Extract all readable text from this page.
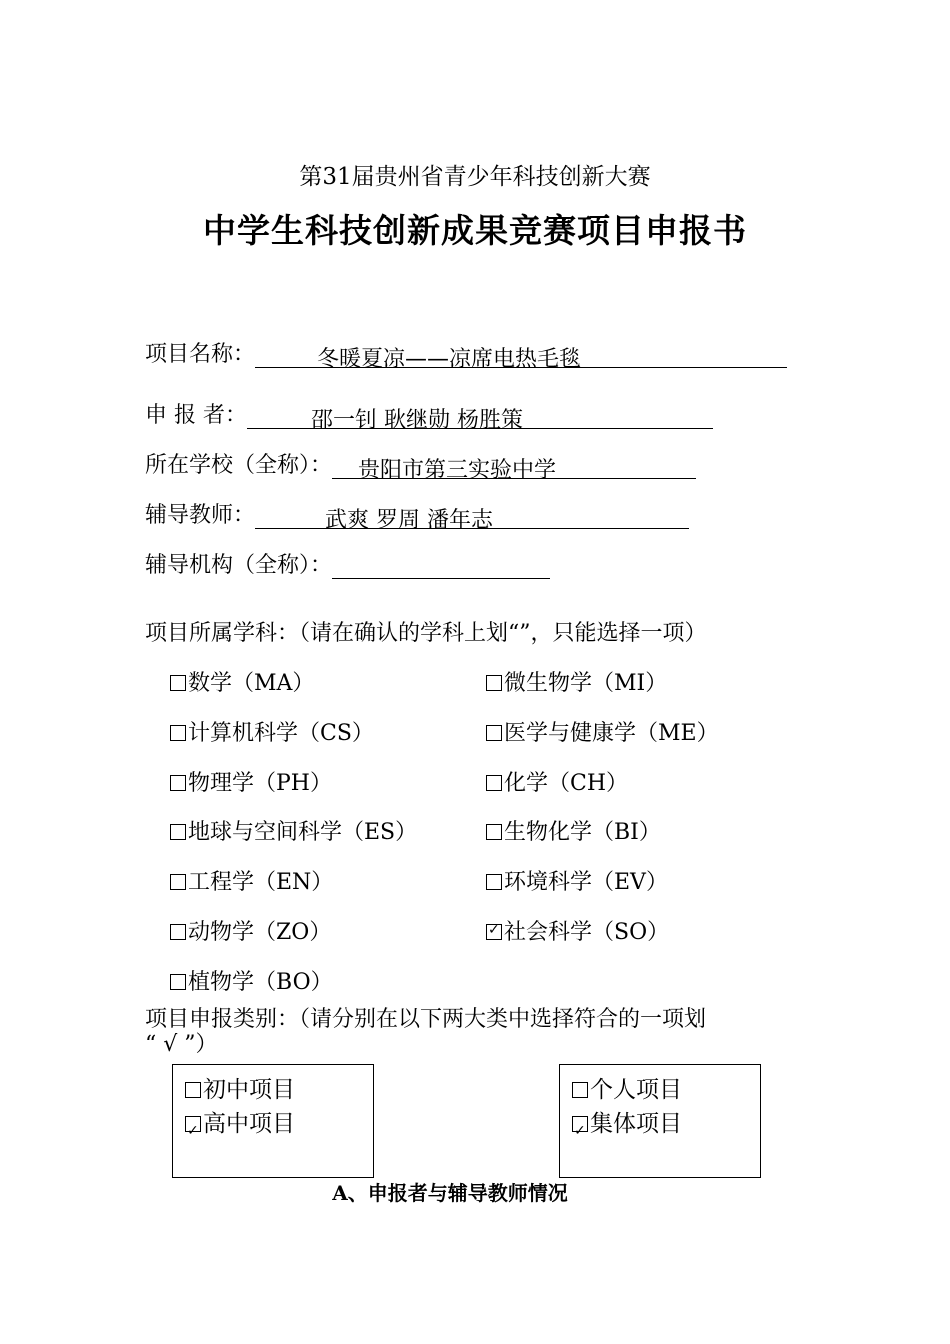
第31届贵州省青少年科技创新大赛
中学生科技创新成果竞赛项目申报书
项目名称：	冬暖夏凉——凉席电热毛毯
申 报 者：	邵一钊 耿继勋 杨胜策
所在学校（全称）： 贵阳市第三实验中学
辅导教师：	武爽 罗周 潘年志
辅导机构（全称）：
项目所属学科：（请在确认的学科上划“”，只能选择一项）
数学（MA）	微生物学（MI）
计算机科学（CS）	医学与健康学（ME）
物理学（PH）	化学（CH）
地球与空间科学（ES）	生物化学（BI）
工程学（EN）	环境科学（EV）
动物学（ZO）
✓	社会科学（SO）
植物学（BO）
项目申报类别：（请分别在以下两大类中选择符合的一项划
“ √ ”）
初中项目
✓高中项目
个人项目
✓集体项目
A、申报者与辅导教师情况
